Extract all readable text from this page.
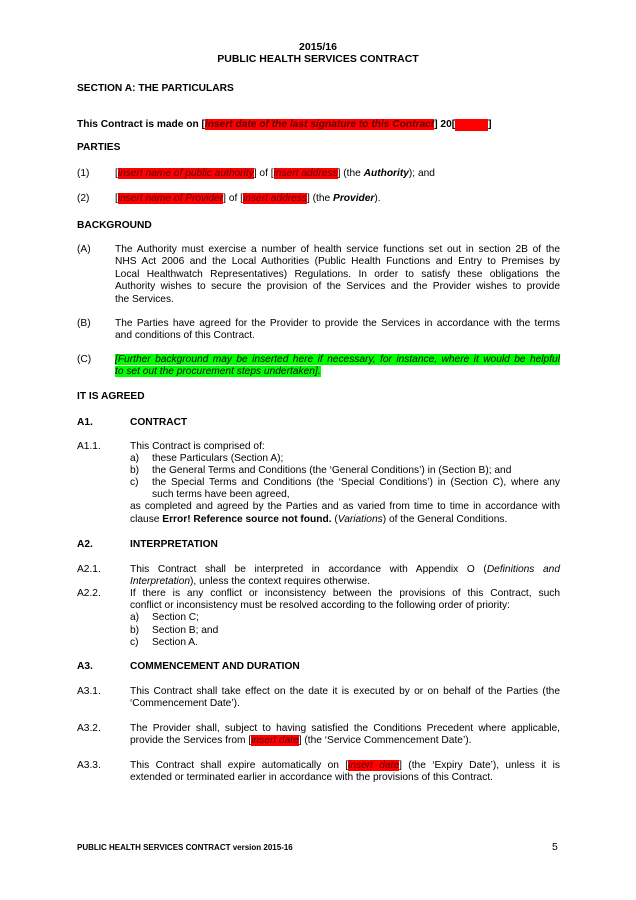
2015/16
PUBLIC HEALTH SERVICES CONTRACT
SECTION A: THE PARTICULARS
This Contract is made on [insert date of the last signature to this Contract] 20[	]
PARTIES
(1)	[insert name of public authority] of [insert address] (the Authority); and
(2)	[insert name of Provider] of [insert address] (the Provider).
BACKGROUND
(A) The Authority must exercise a number of health service functions set out in section 2B of the
NHS Act 2006 and the Local Authorities (Public Health Functions and Entry to Premises by
Local Healthwatch Representatives) Regulations. In order to satisfy these obligations the
Authority wishes to secure the provision of the Services and the Provider wishes to provide
the Services.
(B) The Parties have agreed for the Provider to provide the Services in accordance with the terms
and conditions of this Contract.
(C) [Further background may be inserted here if necessary, for instance, where it would be helpful
to set out the procurement steps undertaken].
IT IS AGREED
A1.	CONTRACT
A1.1.	This Contract is comprised of:
a) these Particulars (Section A);
b) the General Terms and Conditions (the ‘General Conditions’) in (Section B); and
c) the Special Terms and Conditions (the ‘Special Conditions’) in (Section C), where any
such terms have been agreed,
as completed and agreed by the Parties and as varied from time to time in accordance with
clause Error! Reference source not found. (Variations) of the General Conditions.
A2.	INTERPRETATION
A2.1.	This Contract shall be interpreted in accordance with Appendix O (Definitions and
Interpretation), unless the context requires otherwise.
A2.2.	If there is any conflict or inconsistency between the provisions of this Contract, such
conflict or inconsistency must be resolved according to the following order of priority:
a) Section C;
b) Section B; and
c) Section A.
A3.	COMMENCEMENT AND DURATION
A3.1.	This Contract shall take effect on the date it is executed by or on behalf of the Parties (the
‘Commencement Date’).
A3.2.	The Provider shall, subject to having satisfied the Conditions Precedent where applicable,
provide the Services from [insert date] (the ‘Service Commencement Date’).
A3.3.	This Contract shall expire automatically on [insert date] (the ‘Expiry Date’), unless it is
extended or terminated earlier in accordance with the provisions of this Contract.
PUBLIC HEALTH SERVICES CONTRACT version 2015-16	5
